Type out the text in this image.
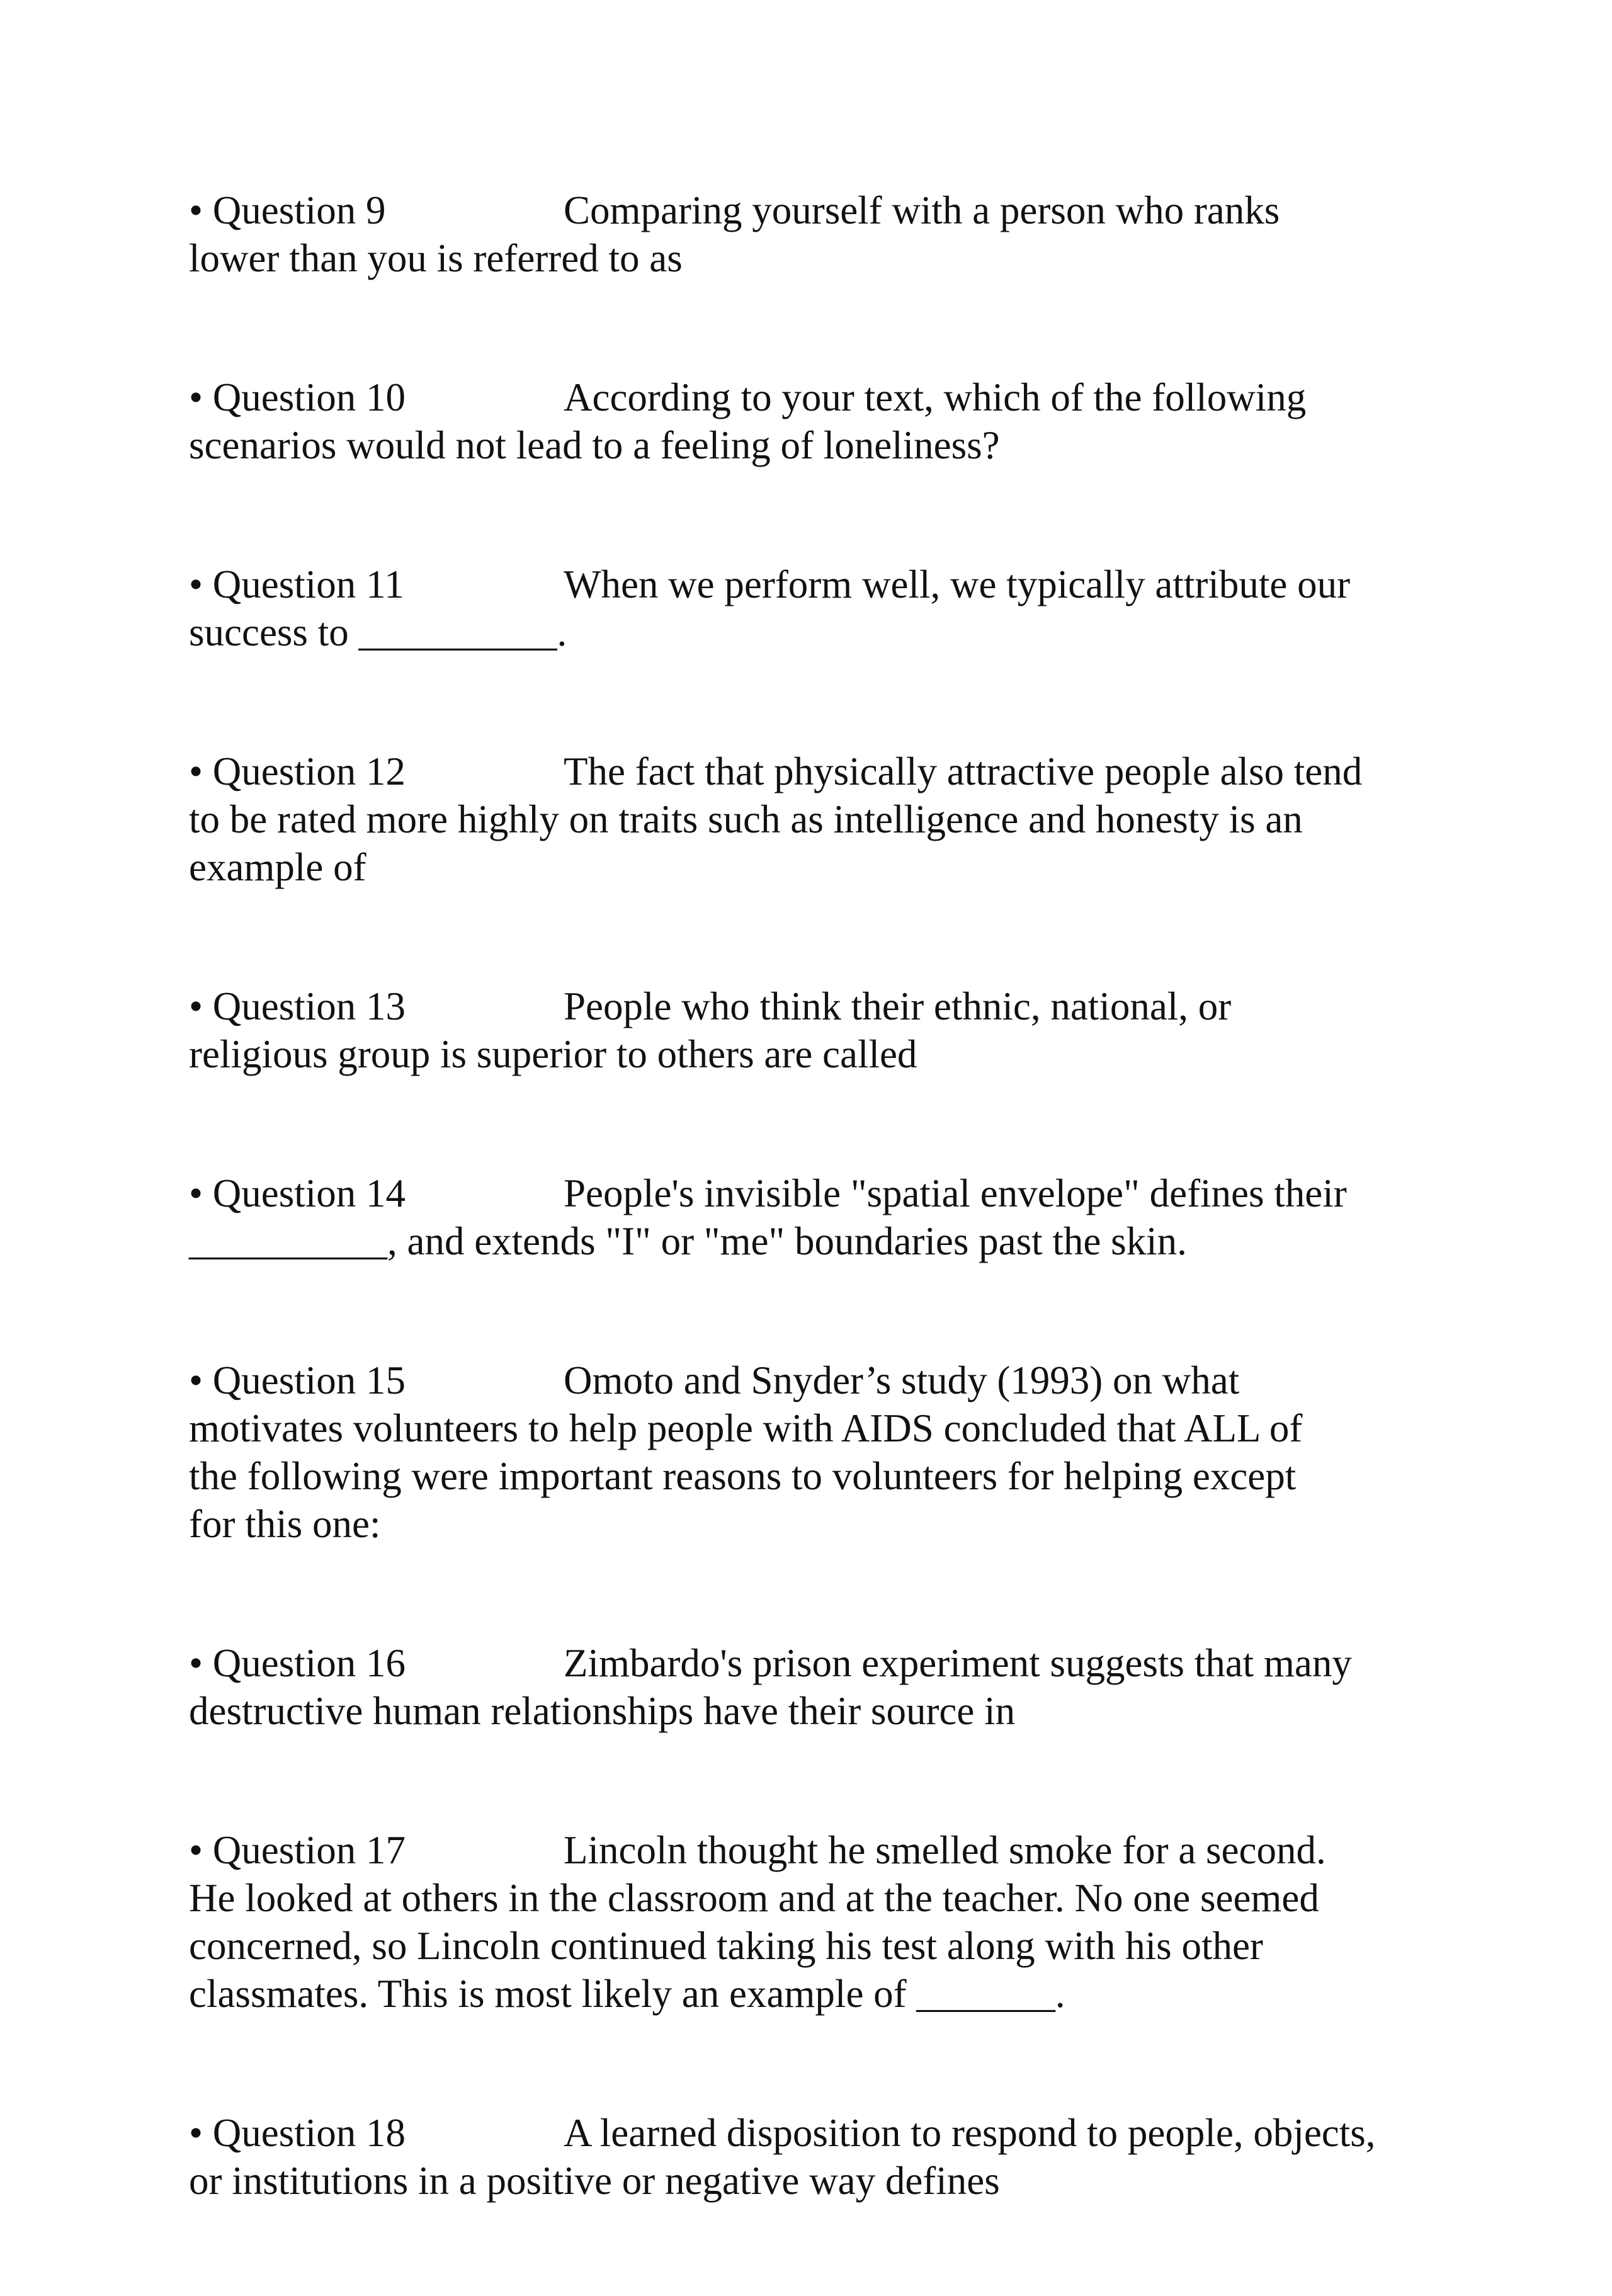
• Question 9	Comparing yourself with a person who ranks
lower than you is referred to as
• Question 10	According to your text, which of the following
scenarios would not lead to a feeling of loneliness?
• Question 11	When we perform well, we typically attribute our
success to __________.
• Question 12	The fact that physically attractive people also tend
to be rated more highly on traits such as intelligence and honesty is an
example of
• Question 13	People who think their ethnic, national, or
religious group is superior to others are called
• Question 14	People's invisible "spatial envelope" defines their
__________, and extends "I" or "me" boundaries past the skin.
• Question 15	Omoto and Snyder’s study (1993) on what
motivates volunteers to help people with AIDS concluded that ALL of
the following were important reasons to volunteers for helping except
for this one:
• Question 16	Zimbardo's prison experiment suggests that many
destructive human relationships have their source in
• Question 17	Lincoln thought he smelled smoke for a second.
He looked at others in the classroom and at the teacher. No one seemed
concerned, so Lincoln continued taking his test along with his other
classmates. This is most likely an example of _______.
• Question 18	A learned disposition to respond to people, objects,
or institutions in a positive or negative way defines
